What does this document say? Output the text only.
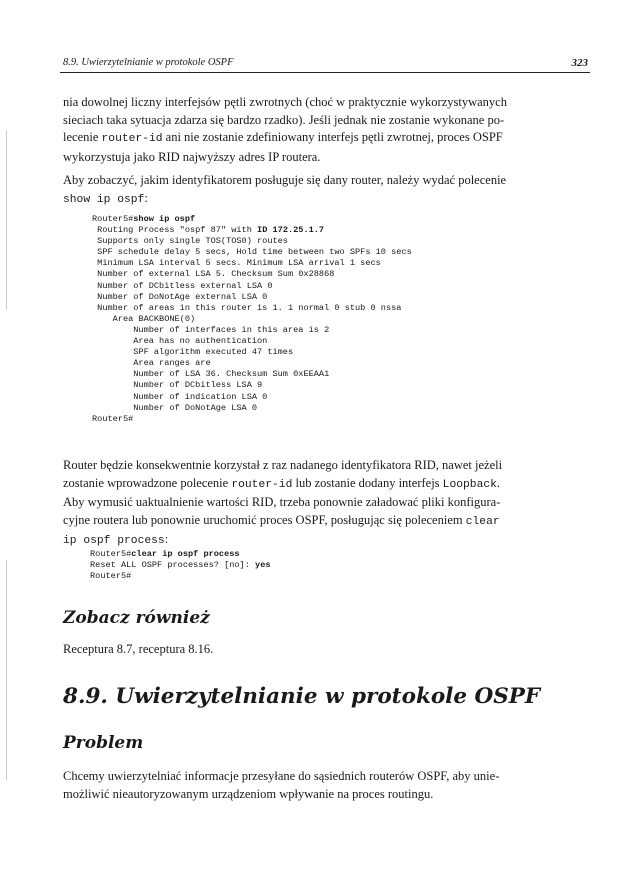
8.9. Uwierzytelnianie w protokole OSPF	323

nia dowolnej liczny interfejsów pętli zwrotnych (choć w praktycznie wykorzystywanych

sieciach taka sytuacja zdarza się bardzo rzadko). Jeśli jednak nie zostanie wykonane po-

lecenie router-id ani nie zostanie zdefiniowany interfejs pętli zwrotnej, proces OSPF

wykorzystuja jako RID najwyższy adres IP routera.

Aby zobaczyć, jakim identyfikatorem posługuje się dany router, należy wydać polecenie

show ip ospf:

Router5#show ip ospf
Routing Process "ospf 87" with ID 172.25.1.7
Supports only single TOS(TOS0) routes
SPF schedule delay 5 secs, Hold time between two SPFs 10 secs
Minimum LSA interval 5 secs. Minimum LSA arrival 1 secs
Number of external LSA 5. Checksum Sum 0x28868
Number of DCbitless external LSA 0
Number of DoNotAge external LSA 0
Number of areas in this router is 1. 1 normal 0 stub 0 nssa
Area BACKBONE(0)
Number of interfaces in this area is 2
Area has no authentication
SPF algorithm executed 47 times
Area ranges are
Number of LSA 36. Checksum Sum 0xEEAA1
Number of DCbitless LSA 9
Number of indication LSA 0
Number of DoNotAge LSA 0
Router5#

Router będzie konsekwentnie korzystał z raz nadanego identyfikatora RID, nawet jeżeli

zostanie wprowadzone polecenie router-id lub zostanie dodany interfejs Loopback.

Aby wymusić uaktualnienie wartości RID, trzeba ponownie załadować pliki konfigura-

cyjne routera lub ponownie uruchomić proces OSPF, posługując się poleceniem clear

ip ospf process:

Router5#clear ip ospf process
Reset ALL OSPF processes? [no]: yes
Router5#
Zobacz również

Receptura 8.7, receptura 8.16.

8.9. Uwierzytelnianie w protokole OSPF
Problem

Chcemy uwierzytelniać informacje przesyłane do sąsiednich routerów OSPF, aby unie-

możliwić nieautoryzowanym urządzeniom wpływanie na proces routingu.
